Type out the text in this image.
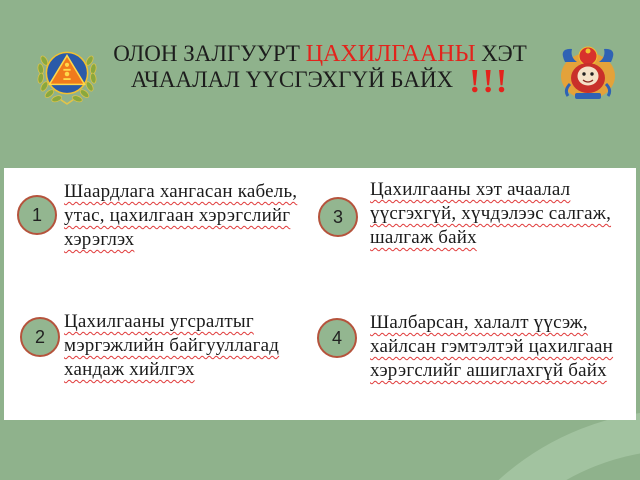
ОЛОН ЗАЛГУУРТ ЦАХИЛГААНЫ ХЭТ
АЧААЛАЛ ҮҮСГЭХГҮЙ БАЙХ !!!
1
Шаардлага хангасан кабель,
утас, цахилгаан хэрэгслийг
хэрэглэх
3
Цахилгааны хэт ачаалал
үүсгэхгүй, хүчдэлээс салгаж,
шалгаж байх
2
Цахилгааны угсралтыг
мэргэжлийн байгууллагад
хандаж хийлгэх
4
Шалбарсан, халалт үүсэж,
хайлсан гэмтэлтэй цахилгаан
хэрэгслийг ашиглахгүй байх
